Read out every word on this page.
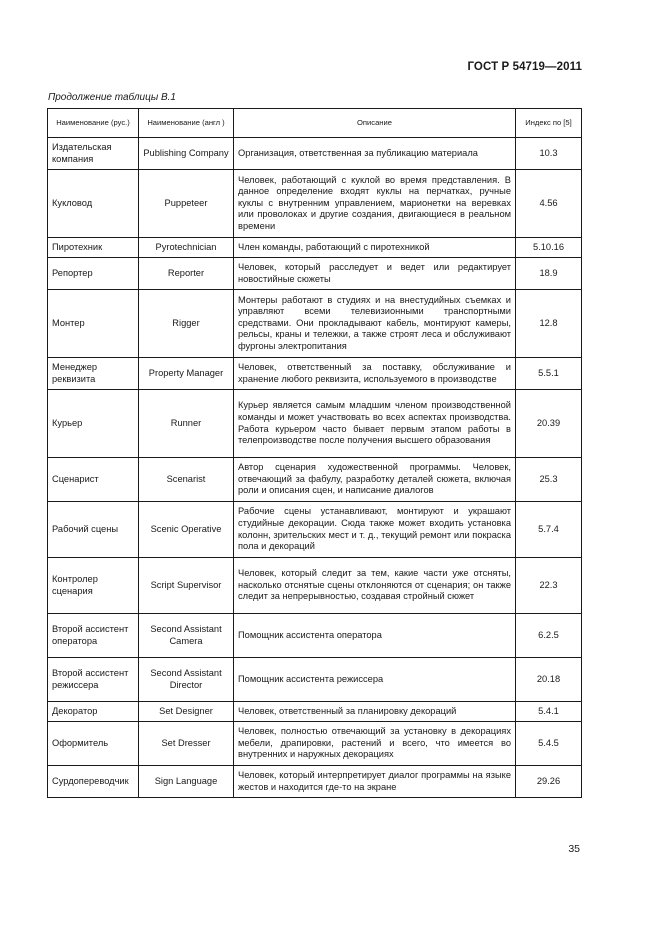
ГОСТ Р 54719—2011
Продолжение таблицы В.1
Наименование (рус.)	Наименование (англ )	Описание	Индекс по [5]
Издательская компания	Publishing Company	Организация, ответственная за публикацию материала	10.3
Кукловод	Puppeteer	Человек, работающий с куклой во время представления. В данное определение входят куклы на перчатках, ручные куклы с внутренним управлением, марионетки на веревках или проволоках и другие создания, двигающиеся в реальном времени	4.56
Пиротехник	Pyrotechnician	Член команды, работающий с пиротехникой	5.10.16
Репортер	Reporter	Человек, который расследует и ведет или редактирует новостийные сюжеты	18.9
Монтер	Rigger	Монтеры работают в студиях и на внестудийных съемках и управляют всеми телевизионными транспортными средствами. Они прокладывают кабель, монтируют камеры, рельсы, краны и тележки, а также строят леса и обслуживают фургоны электропитания	12.8
Менеджер реквизита	Property Manager	Человек, ответственный за поставку, обслуживание и хранение любого реквизита, используемого в производстве	5.5.1
Курьер	Runner	Курьер является самым младшим членом производственной команды и может участвовать во всех аспектах производства. Работа курьером часто бывает первым этапом работы в телепроизводстве после получения высшего образования	20.39
Сценарист	Scenarist	Автор сценария художественной программы. Человек, отвечающий за фабулу, разработку деталей сюжета, включая роли и описания сцен, и написание диалогов	25.3
Рабочий сцены	Scenic Operative	Рабочие сцены устанавливают, монтируют и украшают студийные декорации. Сюда также может входить установка колонн, зрительских мест и т. д., текущий ремонт или покраска пола и декораций	5.7.4
Контролер сценария	Script Supervisor	Человек, который следит за тем, какие части уже отсняты, насколько отснятые сцены отклоняются от сценария; он также следит за непрерывностью, создавая стройный сюжет	22.3
Второй ассистент оператора	Second Assistant Camera	Помощник ассистента оператора	6.2.5
Второй ассистент режиссера	Second Assistant Director	Помощник ассистента режиссера	20.18
Декоратор	Set Designer	Человек, ответственный за планировку декораций	5.4.1
Оформитель	Set Dresser	Человек, полностью отвечающий за установку в декорациях мебели, драпировки, растений и всего, что имеется во внутренних и наружных декорациях	5.4.5
Сурдопереводчик	Sign Language	Человек, который интерпретирует диалог программы на языке жестов и находится где-то на экране	29.26
35
